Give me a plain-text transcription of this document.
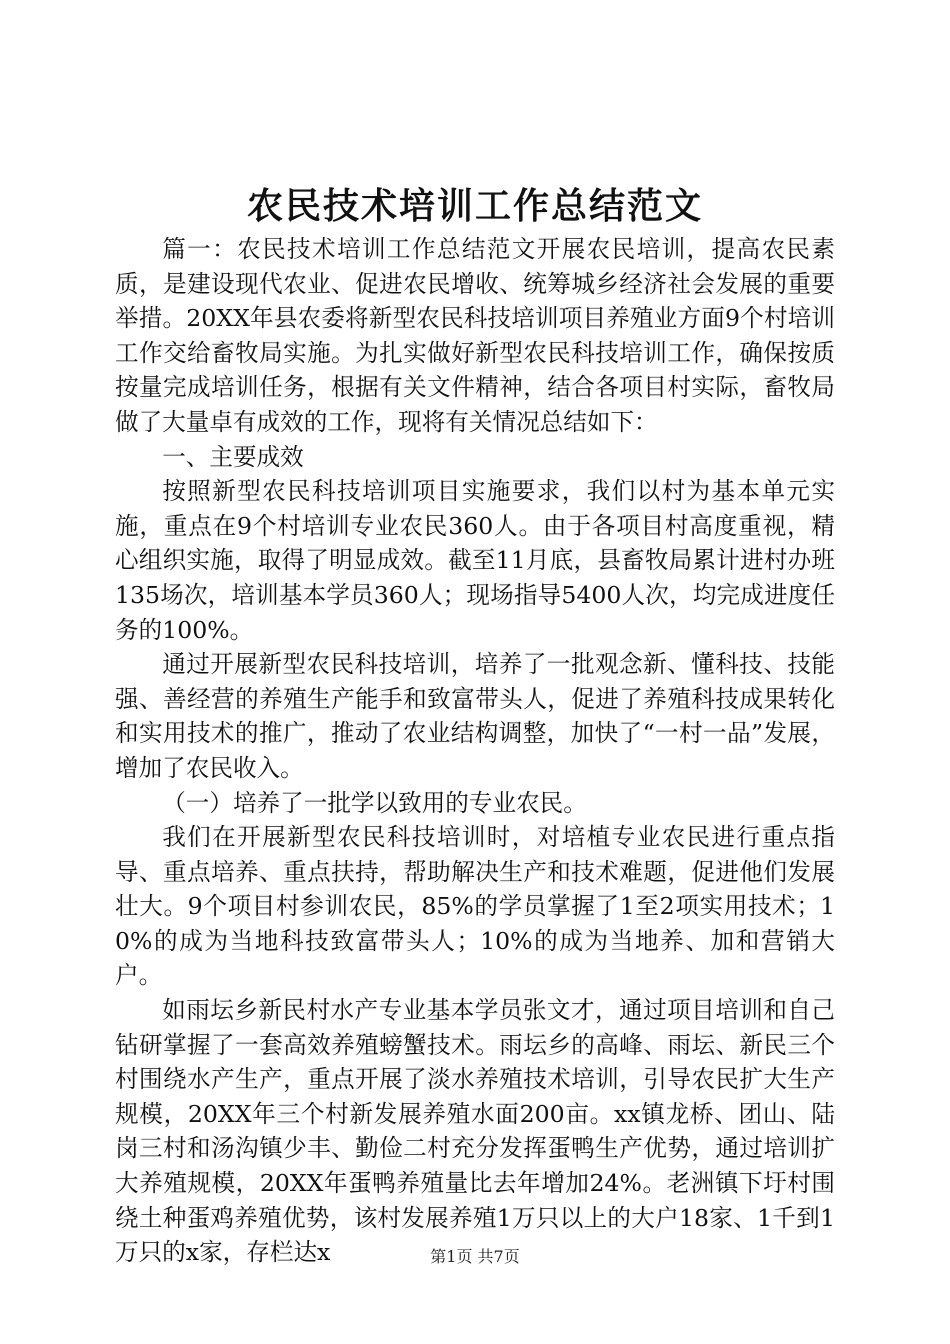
农民技术培训工作总结范文

篇一：农民技术培训工作总结范文开展农民培训，提高农民素质，是建设现代农业、促进农民增收、统筹城乡经济社会发展的重要举措。20XX年县农委将新型农民科技培训项目养殖业方面9个村培训工作交给畜牧局实施。为扎实做好新型农民科技培训工作，确保按质按量完成培训任务，根据有关文件精神，结合各项目村实际，畜牧局做了大量卓有成效的工作，现将有关情况总结如下：

一、主要成效

按照新型农民科技培训项目实施要求，我们以村为基本单元实施，重点在9个村培训专业农民360人。由于各项目村高度重视，精心组织实施，取得了明显成效。截至11月底，县畜牧局累计进村办班135场次，培训基本学员360人；现场指导5400人次，均完成进度任务的100%。

通过开展新型农民科技培训，培养了一批观念新、懂科技、技能强、善经营的养殖生产能手和致富带头人，促进了养殖科技成果转化和实用技术的推广，推动了农业结构调整，加快了“一村一品”发展，增加了农民收入。

（一）培养了一批学以致用的专业农民。

我们在开展新型农民科技培训时，对培植专业农民进行重点指导、重点培养、重点扶持，帮助解决生产和技术难题，促进他们发展壮大。9个项目村参训农民，85%的学员掌握了1至2项实用技术；10%的成为当地科技致富带头人；10%的成为当地养、加和营销大户。

如雨坛乡新民村水产专业基本学员张文才，通过项目培训和自己钻研掌握了一套高效养殖螃蟹技术。雨坛乡的高峰、雨坛、新民三个村围绕水产生产，重点开展了淡水养殖技术培训，引导农民扩大生产规模，20XX年三个村新发展养殖水面200亩。xx镇龙桥、团山、陆岗三村和汤沟镇少丰、勤俭二村充分发挥蛋鸭生产优势，通过培训扩大养殖规模，20XX年蛋鸭养殖量比去年增加24%。老洲镇下圩村围绕土种蛋鸡养殖优势，该村发展养殖1万只以上的大户18家、1千到1万只的x家，存栏达x	第1页 共7页
